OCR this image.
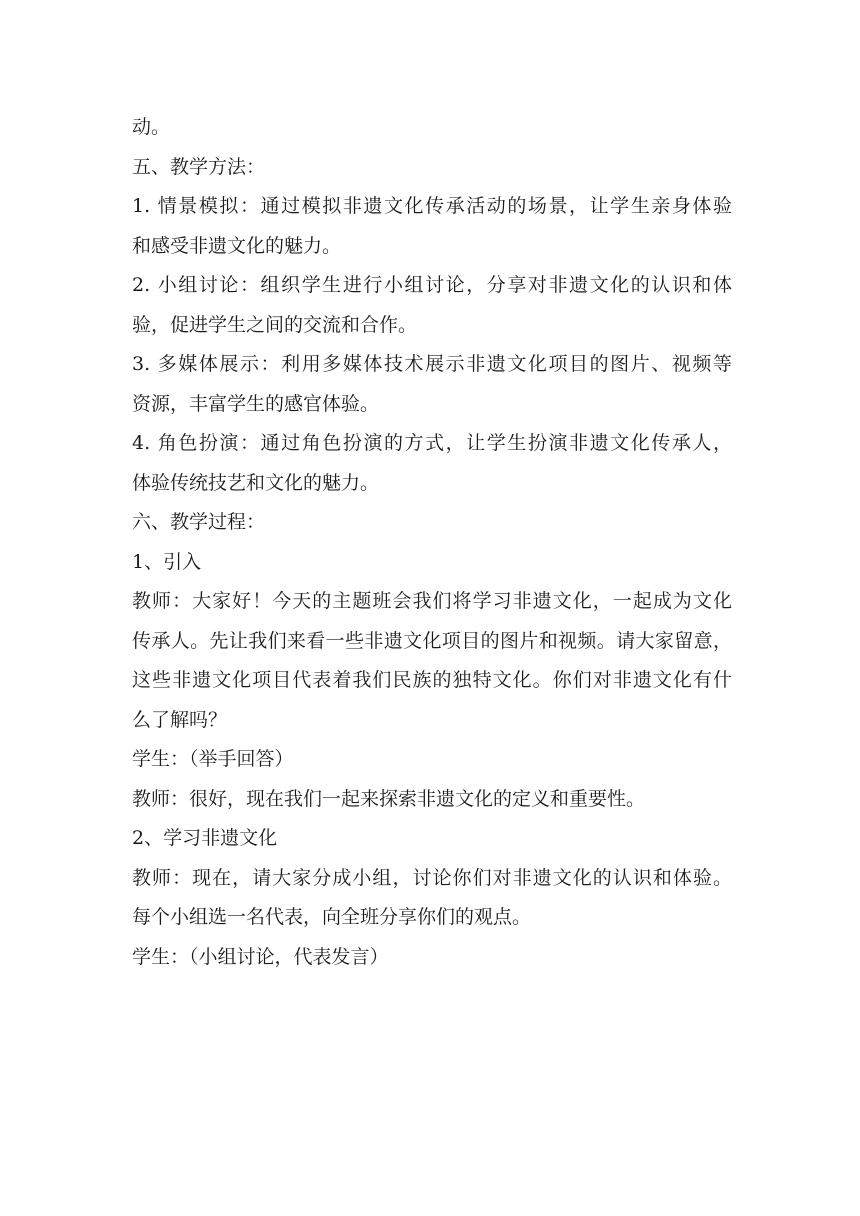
动。
五、教学方法：
1. 情景模拟：通过模拟非遗文化传承活动的场景，让学生亲身体验
和感受非遗文化的魅力。
2. 小组讨论：组织学生进行小组讨论，分享对非遗文化的认识和体
验，促进学生之间的交流和合作。
3. 多媒体展示：利用多媒体技术展示非遗文化项目的图片、视频等
资源，丰富学生的感官体验。
4. 角色扮演：通过角色扮演的方式，让学生扮演非遗文化传承人，
体验传统技艺和文化的魅力。
六、教学过程：
1、引入
教师：大家好！今天的主题班会我们将学习非遗文化，一起成为文化
传承人。先让我们来看一些非遗文化项目的图片和视频。请大家留意，
这些非遗文化项目代表着我们民族的独特文化。你们对非遗文化有什
么了解吗？
学生：（举手回答）
教师：很好，现在我们一起来探索非遗文化的定义和重要性。
2、学习非遗文化
教师：现在，请大家分成小组，讨论你们对非遗文化的认识和体验。
每个小组选一名代表，向全班分享你们的观点。
学生：（小组讨论，代表发言）
